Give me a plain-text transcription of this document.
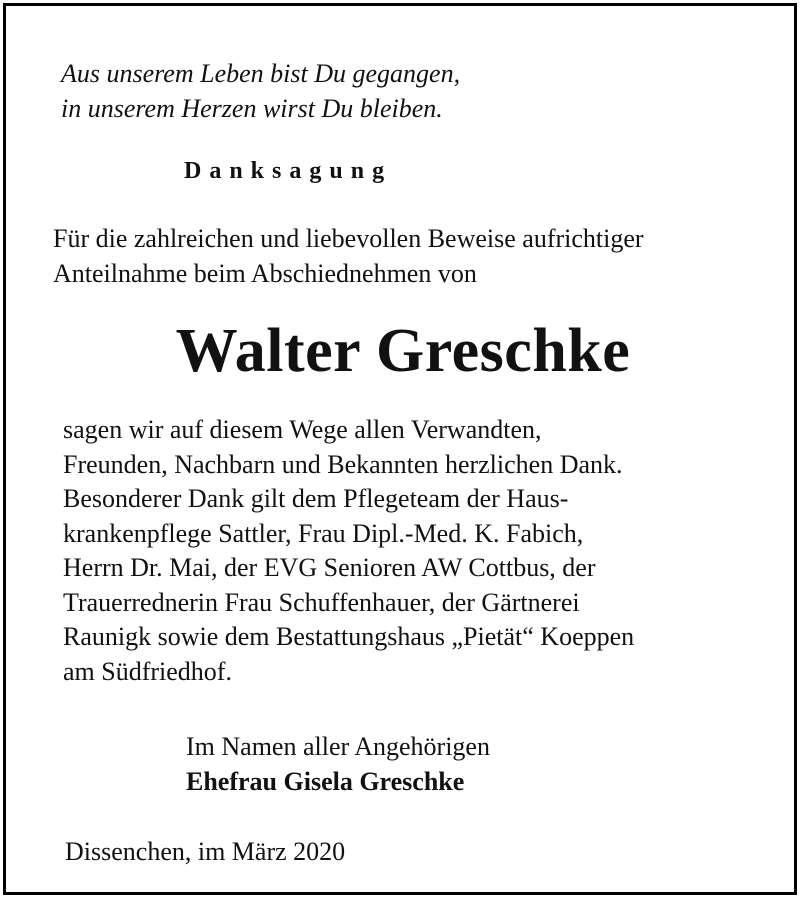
Aus unserem Leben bist Du gegangen,
in unserem Herzen wirst Du bleiben.
Danksagung
Für die zahlreichen und liebevollen Beweise aufrichtiger
Anteilnahme beim Abschiednehmen von
Walter Greschke
sagen wir auf diesem Wege allen Verwandten,
Freunden, Nachbarn und Bekannten herzlichen Dank.
Besonderer Dank gilt dem Pflegeteam der Haus-
krankenpflege Sattler, Frau Dipl.-Med. K. Fabich,
Herrn Dr. Mai, der EVG Senioren AW Cottbus, der
Trauerrednerin Frau Schuffenhauer, der Gärtnerei
Raunigk sowie dem Bestattungshaus „Pietät“ Koeppen
am Südfriedhof.
Im Namen aller Angehörigen
Ehefrau Gisela Greschke
Dissenchen, im März 2020
